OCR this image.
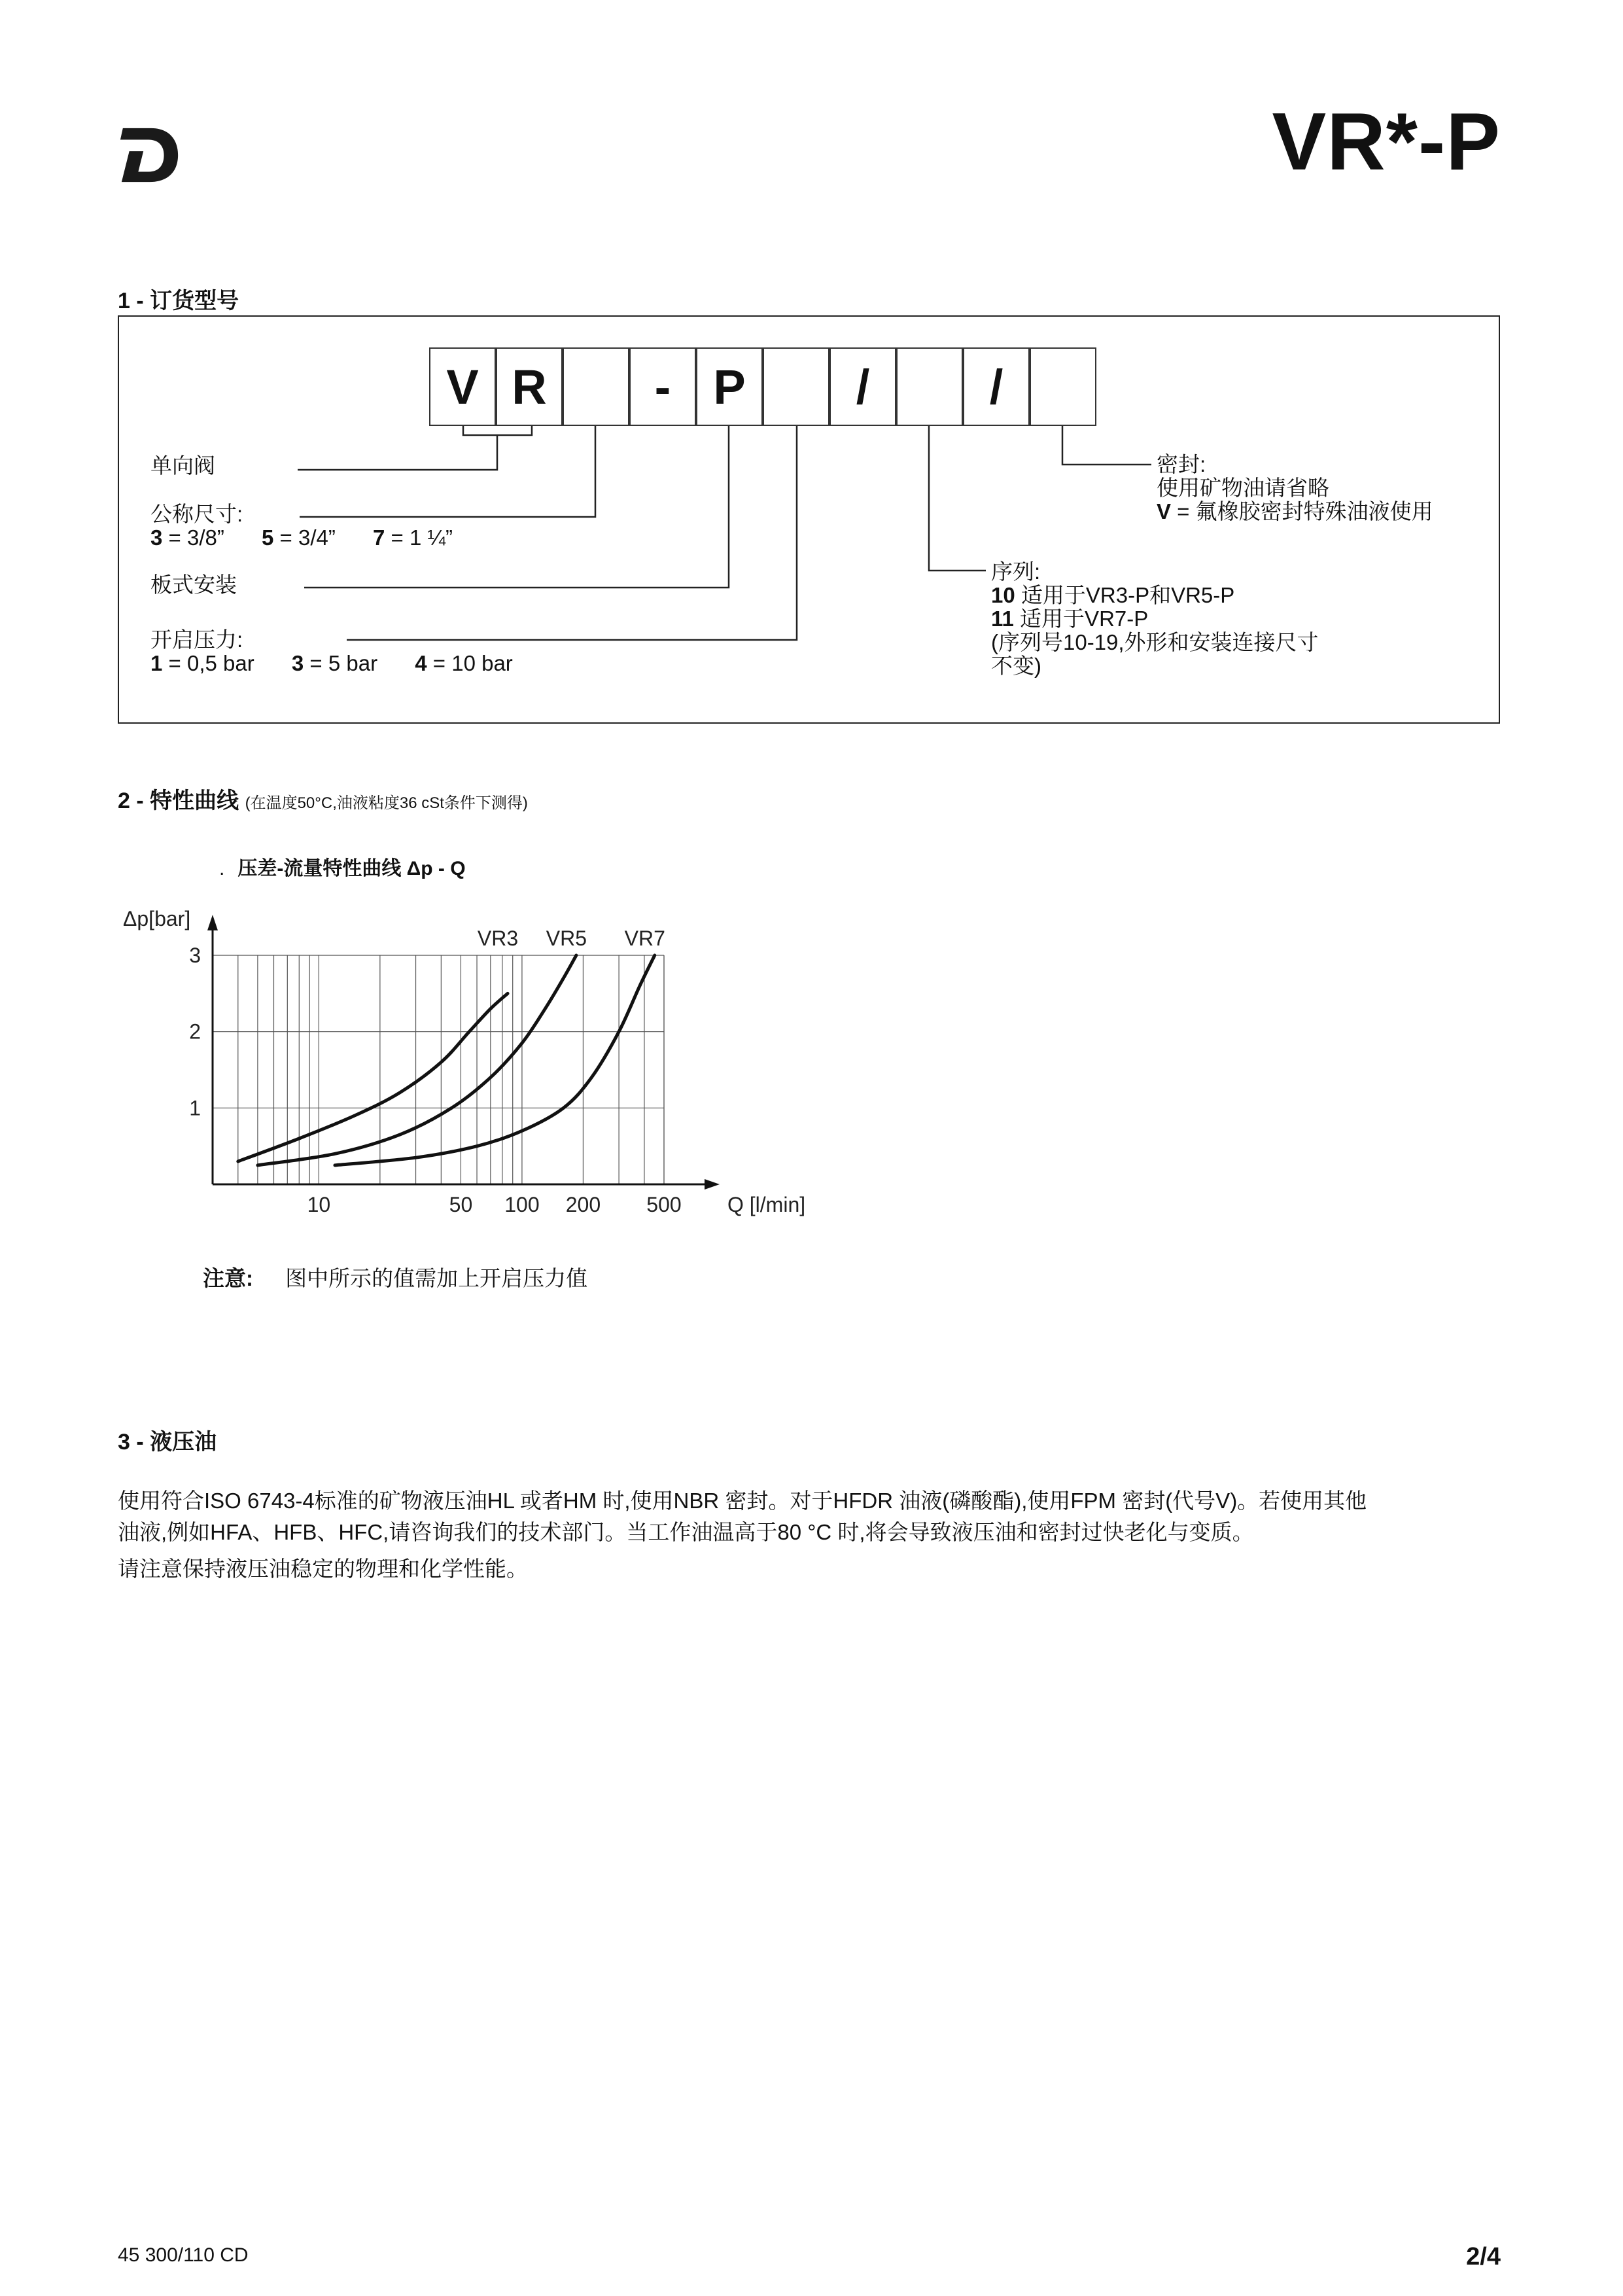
VR*-P
1 - 订货型号
V R	- P	/	/
单向阀
公称尺寸:
3 = 3/8” 5 = 3/4” 7 = 1 ¼”
板式安装
开启压力:
1 = 0,5 bar 3 = 5 bar 4 = 10 bar
密封:
使用矿物油请省略
V = 氟橡胶密封特殊油液使用
序列:
10 适用于VR3-P和VR5-P
11 适用于VR7-P
(序列号10-19,外形和安装连接尺寸
不变)
2 - 特性曲线 (在温度50°C,油液粘度36 cSt条件下测得)
. 压差-流量特性曲线 Δp - Q
10	50 100 200 500
1
2
3
Q [l/min]
Δp[bar]
VR3 VR5 VR7
注意: 图中所示的值需加上开启压力值
3 - 液压油
使用符合ISO 6743-4标准的矿物液压油HL 或者HM 时,使用NBR 密封。对于HFDR 油液(磷酸酯),使用FPM 密封(代号V)。若使用其他
油液,例如HFA、HFB、HFC,请咨询我们的技术部门。当工作油温高于80 °C 时,将会导致液压油和密封过快老化与变质。
请注意保持液压油稳定的物理和化学性能。
45 300/110 CD	2/4
